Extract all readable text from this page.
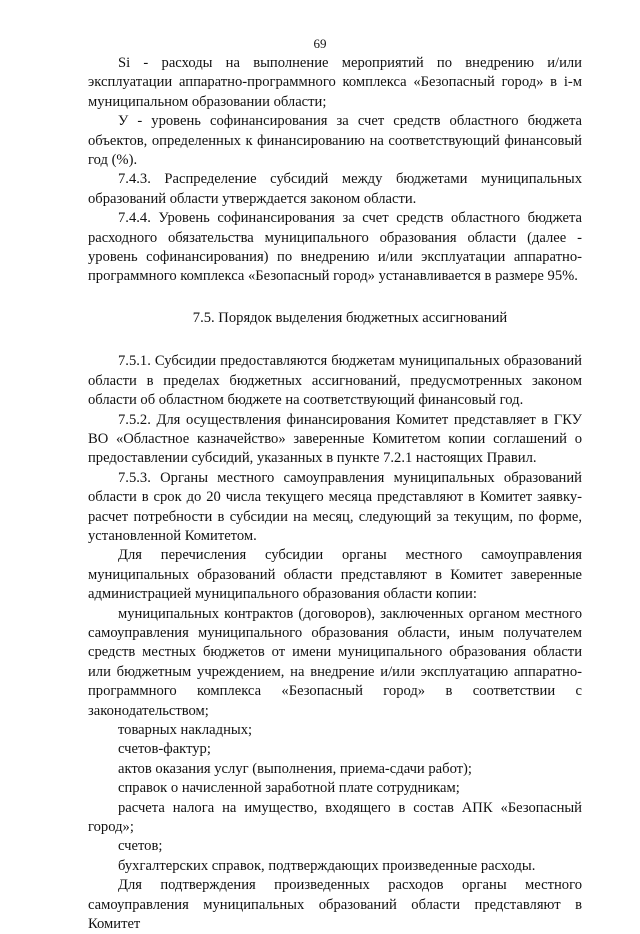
69

Si - расходы на выполнение мероприятий по внедрению и/или эксплуатации аппаратно-программного комплекса «Безопасный город» в i-м муниципальном образовании области;

У - уровень софинансирования за счет средств областного бюджета объектов, определенных к финансированию на соответствующий финансовый год (%).

7.4.3. Распределение субсидий между бюджетами муниципальных образований области утверждается законом области.

7.4.4. Уровень софинансирования за счет средств областного бюджета расходного обязательства муниципального образования области (далее - уровень софинансирования) по внедрению и/или эксплуатации аппаратно-программного комплекса «Безопасный город» устанавливается в размере 95%.

7.5. Порядок выделения бюджетных ассигнований

7.5.1. Субсидии предоставляются бюджетам муниципальных образований области в пределах бюджетных ассигнований, предусмотренных законом области об областном бюджете на соответствующий финансовый год.

7.5.2. Для осуществления финансирования Комитет представляет в ГКУ ВО «Областное казначейство» заверенные Комитетом копии соглашений о предоставлении субсидий, указанных в пункте 7.2.1 настоящих Правил.

7.5.3. Органы местного самоуправления муниципальных образований области в срок до 20 числа текущего месяца представляют в Комитет заявку-расчет потребности в субсидии на месяц, следующий за текущим, по форме, установленной Комитетом.

Для перечисления субсидии органы местного самоуправления муниципальных образований области представляют в Комитет заверенные администрацией муниципального образования области копии:

муниципальных контрактов (договоров), заключенных органом местного самоуправления муниципального образования области, иным получателем средств местных бюджетов от имени муниципального образования области или бюджетным учреждением, на внедрение и/или эксплуатацию аппаратно-программного комплекса «Безопасный город» в соответствии с законодательством;

товарных накладных;

счетов-фактур;

актов оказания услуг (выполнения, приема-сдачи работ);

справок о начисленной заработной плате сотрудникам;

расчета налога на имущество, входящего в состав АПК «Безопасный город»;

счетов;

бухгалтерских справок, подтверждающих произведенные расходы.

Для подтверждения произведенных расходов органы местного самоуправления муниципальных образований области представляют в Комитет
